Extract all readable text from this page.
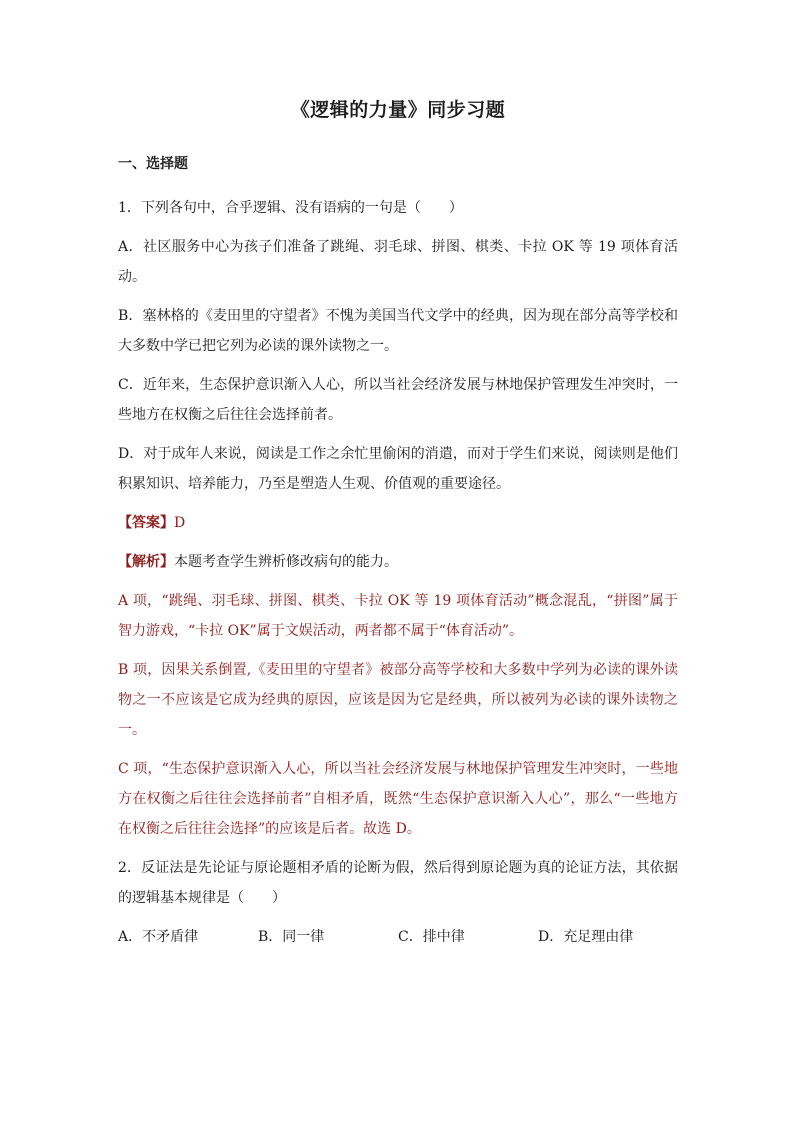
《逻辑的力量》同步习题
一、选择题
1．下列各句中，合乎逻辑、没有语病的一句是（　　）
A．社区服务中心为孩子们准备了跳绳、羽毛球、拼图、棋类、卡拉 OK 等 19 项体育活动。
B．塞林格的《麦田里的守望者》不愧为美国当代文学中的经典，因为现在部分高等学校和大多数中学已把它列为必读的课外读物之一。
C．近年来，生态保护意识渐入人心，所以当社会经济发展与林地保护管理发生冲突时，一些地方在权衡之后往往会选择前者。
D．对于成年人来说，阅读是工作之余忙里偷闲的消遣，而对于学生们来说，阅读则是他们积累知识、培养能力，乃至是塑造人生观、价值观的重要途径。
【答案】D
【解析】本题考查学生辨析修改病句的能力。
A 项，“跳绳、羽毛球、拼图、棋类、卡拉 OK 等 19 项体育活动”概念混乱，“拼图”属于智力游戏，“卡拉 OK”属于文娱活动，两者都不属于“体育活动”。
B 项，因果关系倒置,《麦田里的守望者》被部分高等学校和大多数中学列为必读的课外读物之一不应该是它成为经典的原因，应该是因为它是经典，所以被列为必读的课外读物之一。
C 项，“生态保护意识渐入人心，所以当社会经济发展与林地保护管理发生冲突时，一些地方在权衡之后往往会选择前者”自相矛盾，既然“生态保护意识渐入人心”，那么“一些地方在权衡之后往往会选择”的应该是后者。故选 D。
2．反证法是先论证与原论题相矛盾的论断为假，然后得到原论题为真的论证方法，其依据的逻辑基本规律是（　　）
A．不矛盾律	B．同一律	C．排中律	D．充足理由律
